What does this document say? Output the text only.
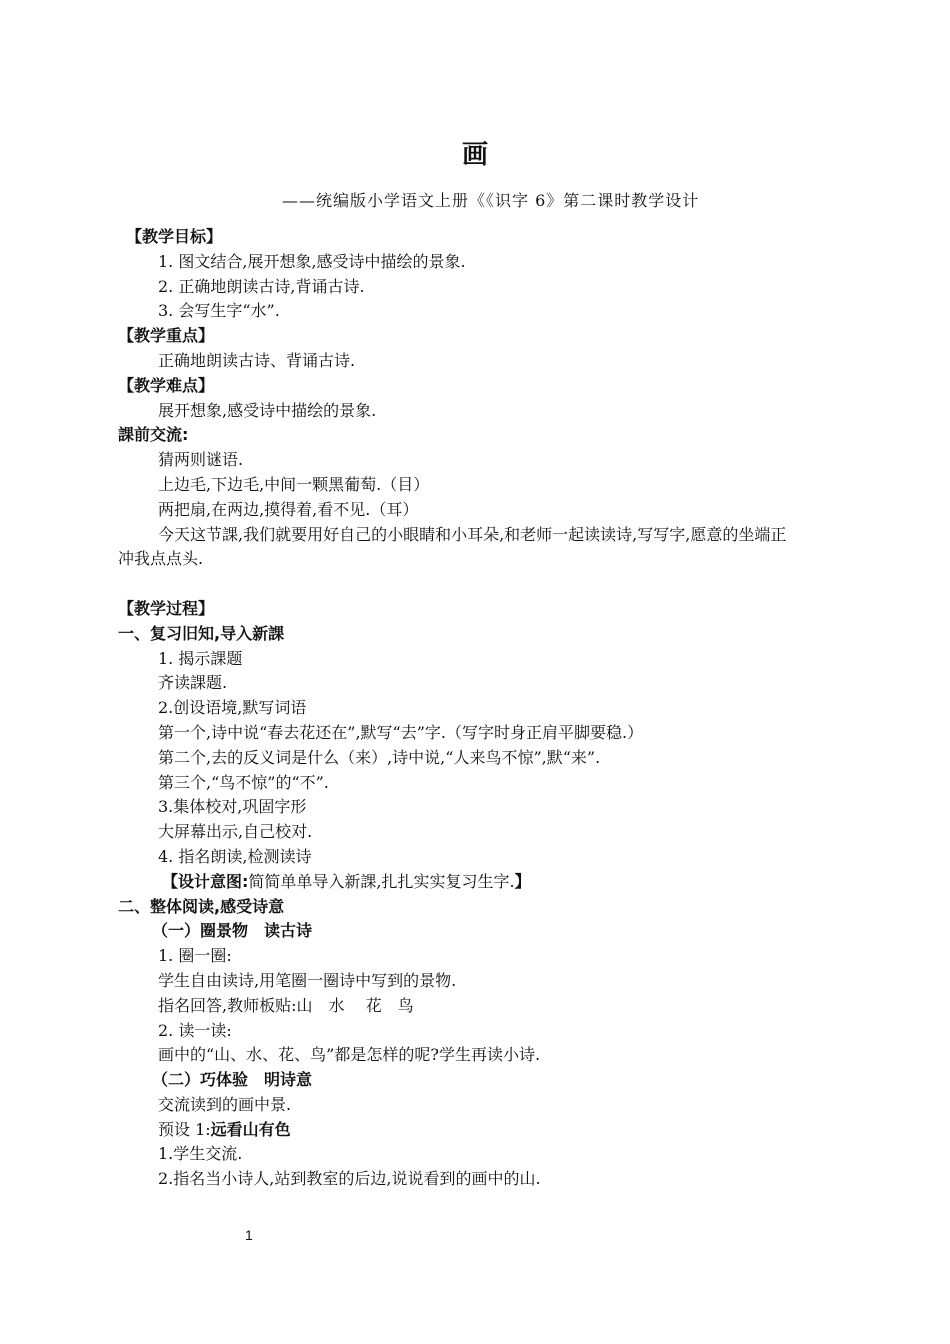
画
——统编版小学语文上册《《识字 6》第二课时教学设计
【教学目标】
1. 图文结合,展开想象,感受诗中描绘的景象.
2. 正确地朗读古诗,背诵古诗.
3. 会写生字“水”.
【教学重点】
正确地朗读古诗、背诵古诗.
【教学难点】
展开想象,感受诗中描绘的景象.
課前交流:
猜两则谜语.
上边毛,下边毛,中间一颗黑葡萄.（目）
两把扇,在两边,摸得着,看不见.（耳）
今天这节課,我们就要用好自己的小眼睛和小耳朵,和老师一起读读诗,写写字,愿意的坐端正冲我点点头.
【教学过程】
一、复习旧知,导入新課
1. 揭示課题
齐读課题.
2.创设语境,默写词语
第一个,诗中说“春去花还在”,默写“去”字.（写字时身正肩平脚要稳.）
第二个,去的反义词是什么（来）,诗中说,“人来鸟不惊”,默“来”.
第三个,“鸟不惊”的“不”.
3.集体校对,巩固字形
大屏幕出示,自己校对.
4. 指名朗读,检测读诗
【设计意图:简简单单导入新課,扎扎实实复习生字.】
二、整体阅读,感受诗意
（一）圈景物　读古诗
1. 圈一圈:
学生自由读诗,用笔圈一圈诗中写到的景物.
指名回答,教师板贴:山　水　 花　鸟
2. 读一读:
画中的“山、水、花、鸟”都是怎样的呢?学生再读小诗.
（二）巧体验　明诗意
交流读到的画中景.
预设 1:远看山有色
1.学生交流.
2.指名当小诗人,站到教室的后边,说说看到的画中的山.
1
